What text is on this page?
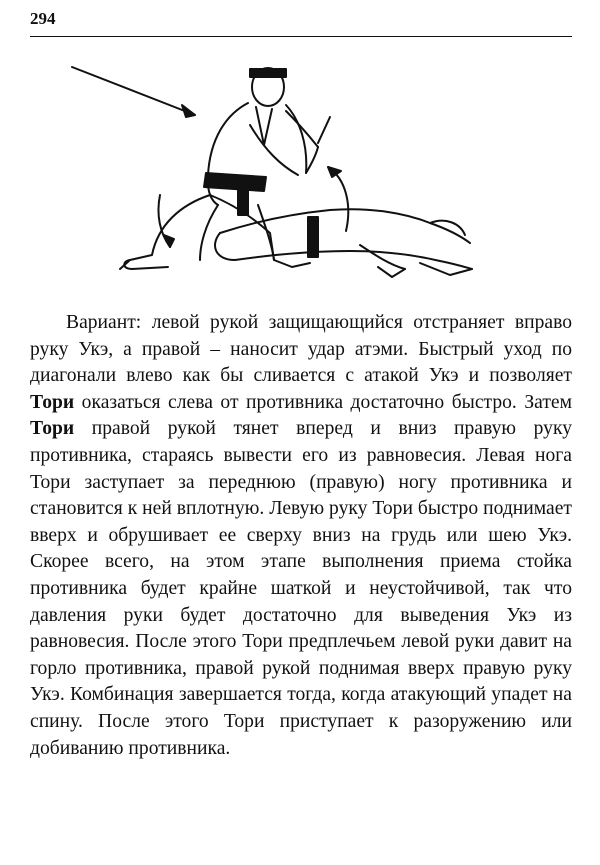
294

Вариант: левой рукой защищающийся отстраняет вправо руку Укэ, а правой – наносит удар атэми. Быстрый уход по диагонали влево как бы сливается с атакой Укэ и позволяет Тори оказаться слева от противника достаточно быстро. Затем Тори правой рукой тянет вперед и вниз правую руку противника, стараясь вывести его из равновесия. Левая нога Тори заступает за переднюю (правую) ногу противника и становится к ней вплотную. Левую руку Тори быстро поднимает вверх и обрушивает ее сверху вниз на грудь или шею Укэ. Скорее всего, на этом этапе выполнения приема стойка противника будет крайне шаткой и неустойчивой, так что давления руки будет достаточно для выведения Укэ из равновесия. После этого Тори предплечьем левой руки давит на горло противника, правой рукой поднимая вверх правую руку Укэ. Комбинация завершается тогда, когда атакующий упадет на спину. После этого Тори приступает к разоружению или добиванию противника.
